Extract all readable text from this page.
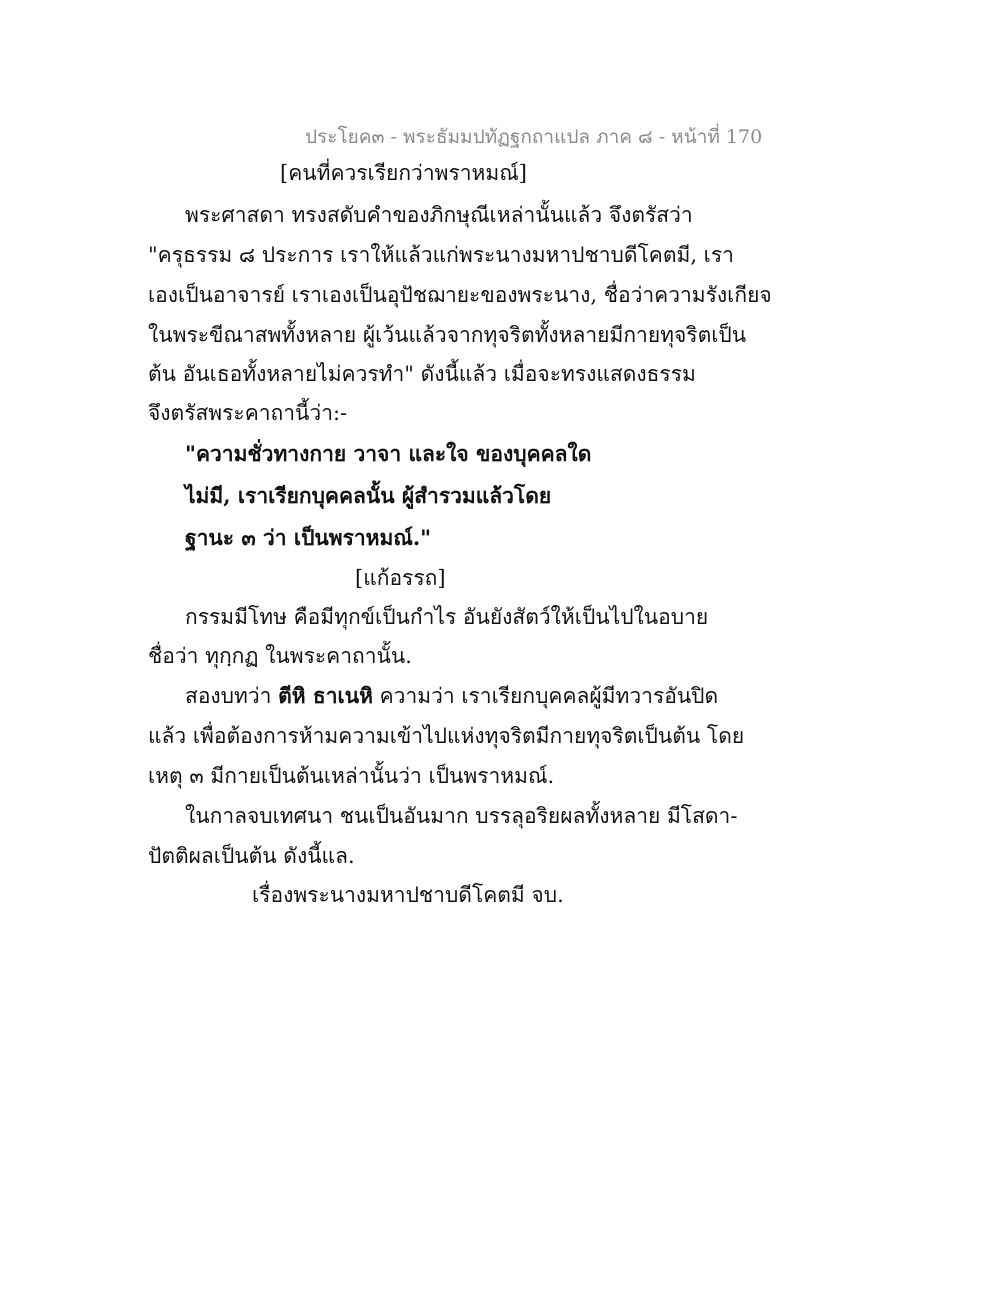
ประโยค๓ - พระธัมมปทัฏฐกถาแปล ภาค ๘ - หน้าที่ 170
[คนที่ควรเรียกว่าพราหมณ์]
พระศาสดา ทรงสดับคำของภิกษุณีเหล่านั้นแล้ว จึงตรัสว่า
"ครุธรรม ๘ ประการ เราให้แล้วแก่พระนางมหาปชาบดีโคตมี, เรา
เองเป็นอาจารย์ เราเองเป็นอุปัชฌายะของพระนาง, ชื่อว่าความรังเกียจ
ในพระขีณาสพทั้งหลาย ผู้เว้นแล้วจากทุจริตทั้งหลายมีกายทุจริตเป็น
ต้น อันเธอทั้งหลายไม่ควรทำ" ดังนี้แล้ว เมื่อจะทรงแสดงธรรม
จึงตรัสพระคาถานี้ว่า:-
"ความชั่วทางกาย วาจา และใจ ของบุคคลใด
ไม่มี, เราเรียกบุคคลนั้น ผู้สำรวมแล้วโดย
ฐานะ ๓ ว่า เป็นพราหมณ์."
[แก้อรรถ]
กรรมมีโทษ คือมีทุกข์เป็นกำไร อันยังสัตว์ให้เป็นไปในอบาย
ชื่อว่า ทุกฺกฏ ในพระคาถานั้น.
สองบทว่า ตีหิ ธาเนหิ ความว่า เราเรียกบุคคลผู้มีทวารอันปิด
แล้ว เพื่อต้องการห้ามความเข้าไปแห่งทุจริตมีกายทุจริตเป็นต้น โดย
เหตุ ๓ มีกายเป็นต้นเหล่านั้นว่า เป็นพราหมณ์.
ในกาลจบเทศนา ชนเป็นอันมาก บรรลุอริยผลทั้งหลาย มีโสดา-
ปัตติผลเป็นต้น ดังนี้แล.
เรื่องพระนางมหาปชาบดีโคตมี จบ.
